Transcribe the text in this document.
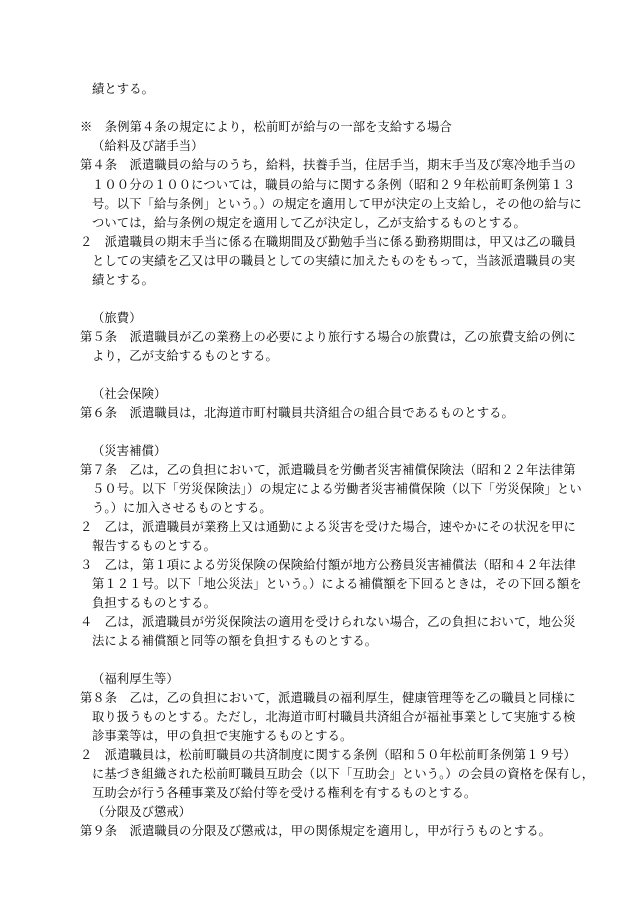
績とする。
※　条例第４条の規定により，松前町が給与の一部を支給する場合
（給料及び諸手当）
第４条　派遣職員の給与のうち，給料，扶養手当，住居手当，期末手当及び寒冷地手当の
１００分の１００については，職員の給与に関する条例（昭和２９年松前町条例第１３
号。以下「給与条例」という。）の規定を適用して甲が決定の上支給し，その他の給与に
ついては，給与条例の規定を適用して乙が決定し，乙が支給するものとする。
２　派遣職員の期末手当に係る在職期間及び勤勉手当に係る勤務期間は，甲又は乙の職員
としての実績を乙又は甲の職員としての実績に加えたものをもって，当該派遣職員の実
績とする。
（旅費）
第５条　派遣職員が乙の業務上の必要により旅行する場合の旅費は，乙の旅費支給の例に
より，乙が支給するものとする。
（社会保険）
第６条　派遣職員は，北海道市町村職員共済組合の組合員であるものとする。
（災害補償）
第７条　乙は，乙の負担において，派遣職員を労働者災害補償保険法（昭和２２年法律第
５０号。以下「労災保険法」）の規定による労働者災害補償保険（以下「労災保険」とい
う。）に加入させるものとする。
２　乙は，派遣職員が業務上又は通勤による災害を受けた場合，速やかにその状況を甲に
報告するものとする。
３　乙は，第１項による労災保険の保険給付額が地方公務員災害補償法（昭和４２年法律
第１２１号。以下「地公災法」という。）による補償額を下回るときは，その下回る額を
負担するものとする。
４　乙は，派遣職員が労災保険法の適用を受けられない場合，乙の負担において，地公災
法による補償額と同等の額を負担するものとする。
（福利厚生等）
第８条　乙は，乙の負担において，派遣職員の福利厚生，健康管理等を乙の職員と同様に
取り扱うものとする。ただし，北海道市町村職員共済組合が福祉事業として実施する検
診事業等は，甲の負担で実施するものとする。
２　派遣職員は，松前町職員の共済制度に関する条例（昭和５０年松前町条例第１９号）
に基づき組織された松前町職員互助会（以下「互助会」という。）の会員の資格を保有し，
互助会が行う各種事業及び給付等を受ける権利を有するものとする。
（分限及び懲戒）
第９条　派遣職員の分限及び懲戒は，甲の関係規定を適用し，甲が行うものとする。
